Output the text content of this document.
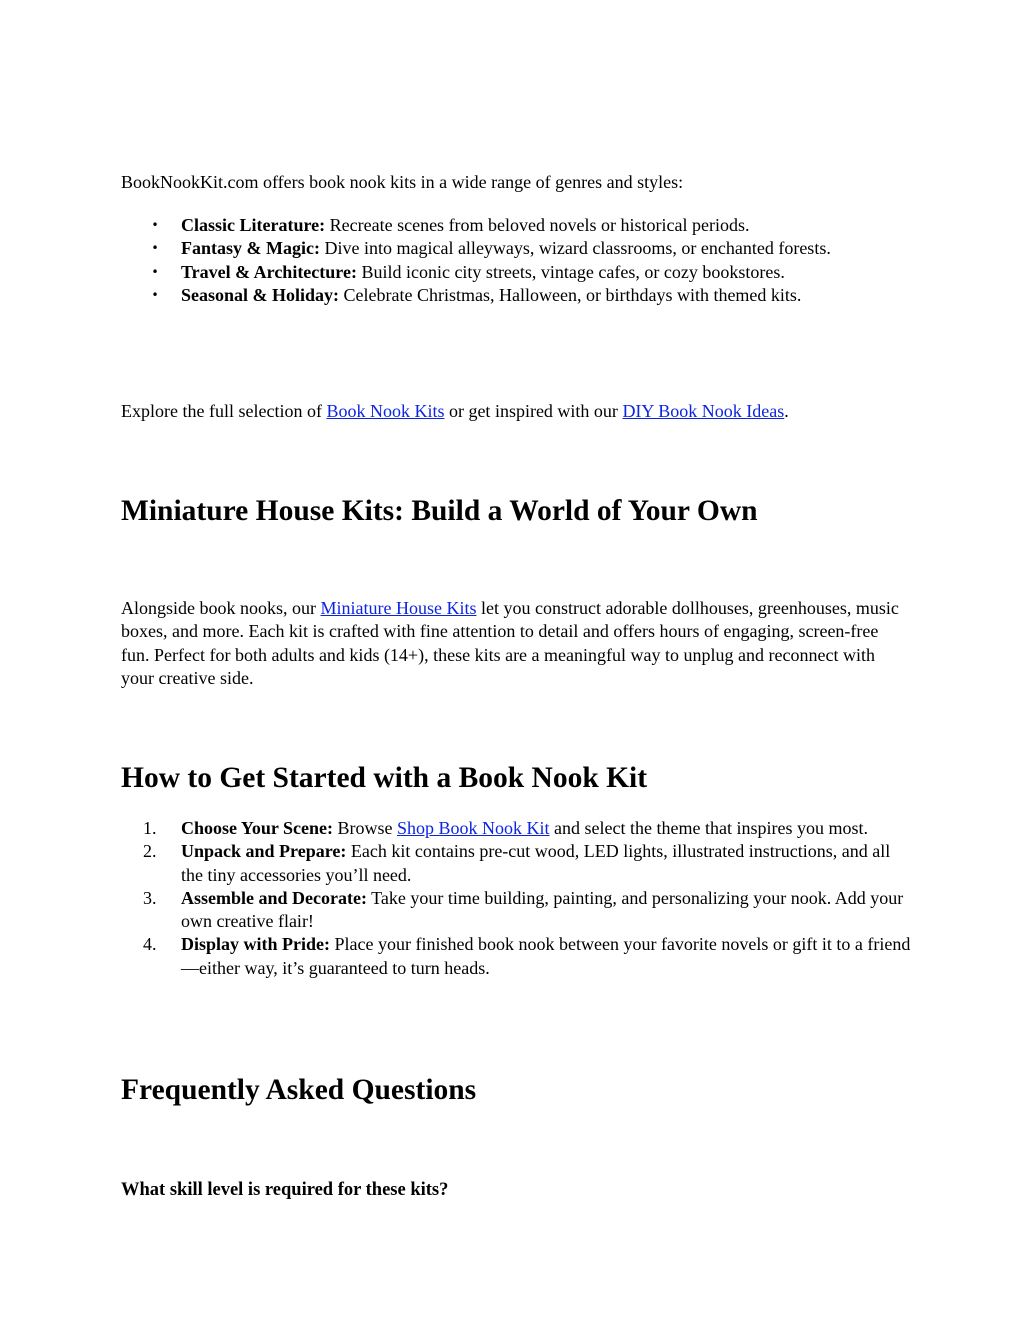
BookNookKit.com offers book nook kits in a wide range of genres and styles:

•	Classic Literature: Recreate scenes from beloved novels or historical periods.
•	Fantasy & Magic: Dive into magical alleyways, wizard classrooms, or enchanted forests.
•	Travel & Architecture: Build iconic city streets, vintage cafes, or cozy bookstores.
•	Seasonal & Holiday: Celebrate Christmas, Halloween, or birthdays with themed kits.

Explore the full selection of Book Nook Kits or get inspired with our DIY Book Nook Ideas.

Miniature House Kits: Build a World of Your Own

Alongside book nooks, our Miniature House Kits let you construct adorable dollhouses, greenhouses, music boxes, and more. Each kit is crafted with fine attention to detail and offers hours of engaging, screen-free fun. Perfect for both adults and kids (14+), these kits are a meaningful way to unplug and reconnect with your creative side.

How to Get Started with a Book Nook Kit
1.	Choose Your Scene: Browse Shop Book Nook Kit and select the theme that inspires you most.
2.	Unpack and Prepare: Each kit contains pre-cut wood, LED lights, illustrated instructions, and all the tiny accessories you’ll need.
3.	Assemble and Decorate: Take your time building, painting, and personalizing your nook. Add your own creative flair!
4.	Display with Pride: Place your finished book nook between your favorite novels or gift it to a friend—either way, it’s guaranteed to turn heads.
Frequently Asked Questions
What skill level is required for these kits?
